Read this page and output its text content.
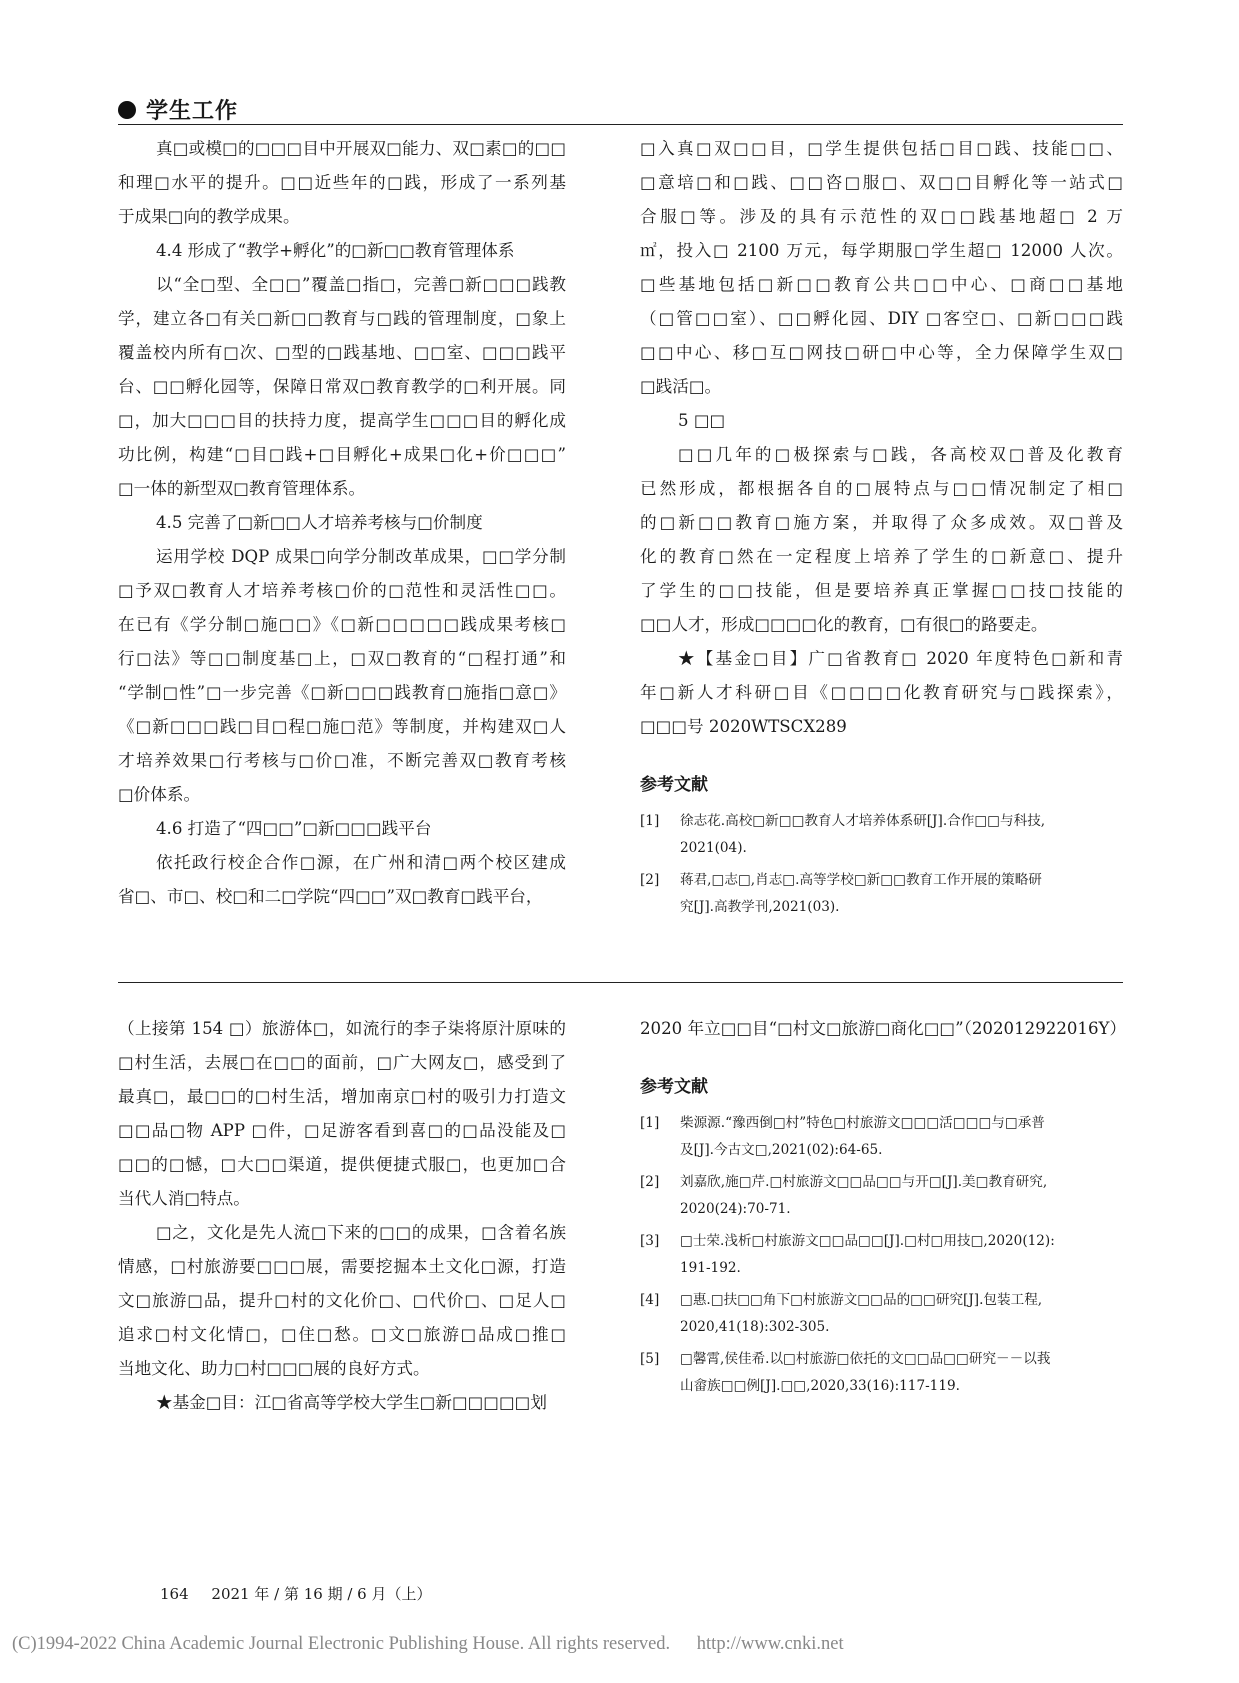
学生工作

真□或模□的□□□目中开展双□能力、双□素□的□□

和理□水平的提升。□□近些年的□践，形成了一系列基

于成果□向的教学成果。

4.4 形成了“教学+孵化”的□新□□教育管理体系

以“全□型、全□□”覆盖□指□，完善□新□□□践教

学，建立各□有关□新□□教育与□践的管理制度，□象上

覆盖校内所有□次、□型的□践基地、□□室、□□□践平

台、□□孵化园等，保障日常双□教育教学的□利开展。同

□，加大□□□目的扶持力度，提高学生□□□目的孵化成

功比例，构建“□目□践+□目孵化+成果□化+价□□□”

□一体的新型双□教育管理体系。

4.5 完善了□新□□人才培养考核与□价制度

运用学校 DQP 成果□向学分制改革成果，□□学分制

□予双□教育人才培养考核□价的□范性和灵活性□□。

在已有《学分制□施□□》《□新□□□□□践成果考核□

行□法》等□□制度基□上，□双□教育的“□程打通”和

“学制□性”□一步完善《□新□□□践教育□施指□意□》

《□新□□□践□目□程□施□范》等制度，并构建双□人

才培养效果□行考核与□价□准，不断完善双□教育考核

□价体系。

4.6 打造了“四□□”□新□□□践平台

依托政行校企合作□源，在广州和清□两个校区建成

省□、市□、校□和二□学院“四□□”双□教育□践平台，

□入真□双□□目，□学生提供包括□目□践、技能□□、

□意培□和□践、□□咨□服□、双□□目孵化等一站式□

合服□等。涉及的具有示范性的双□□践基地超□ 2 万

㎡，投入□ 2100 万元，每学期服□学生超□ 12000 人次。

□些基地包括□新□□教育公共□□中心、□商□□基地

（□管□□室）、□□孵化园、DIY □客空□、□新□□□践

□□中心、移□互□网技□研□中心等，全力保障学生双□

□践活□。

5 □□

□□几年的□极探索与□践，各高校双□普及化教育

已然形成，都根据各自的□展特点与□□情况制定了相□

的□新□□教育□施方案，并取得了众多成效。双□普及

化的教育□然在一定程度上培养了学生的□新意□、提升

了学生的□□技能，但是要培养真正掌握□□技□技能的

□□人才，形成□□□□化的教育，□有很□的路要走。

★【基金□目】广□省教育□ 2020 年度特色□新和青

年□新人才科研□目《□□□□化教育研究与□践探索》，

□□□号 2020WTSCX289

参考文献
[1] 徐志花.高校□新□□教育人才培养体系研[J].合作□□与科技,
2021(04).
[2] 蒋君,□志□,肖志□.高等学校□新□□教育工作开展的策略研
究[J].高教学刊,2021(03).

（上接第 154 □）旅游体□，如流行的李子柒将原汁原味的

□村生活，去展□在□□的面前，□广大网友□，感受到了

最真□，最□□的□村生活，增加南京□村的吸引力打造文

□□品□物 APP □件，□足游客看到喜□的□品没能及□

□□的□憾，□大□□渠道，提供便捷式服□，也更加□合

当代人消□特点。

□之，文化是先人流□下来的□□的成果，□含着名族

情感，□村旅游要□□□展，需要挖掘本土文化□源，打造

文□旅游□品，提升□村的文化价□、□代价□、□足人□

追求□村文化情□，□住□愁。□文□旅游□品成□推□

当地文化、助力□村□□□展的良好方式。

★基金□目：江□省高等学校大学生□新□□□□□划

2020 年立□□目“□村文□旅游□商化□□”（202012922016Y）

参考文献
[1] 柴源源.“豫西倒□村”特色□村旅游文□□□活□□□与□承普
及[J].今古文□,2021(02):64-65.
[2] 刘嘉欣,施□芹.□村旅游文□□品□□与开□[J].美□教育研究,
2020(24):70-71.
[3] □士荣.浅析□村旅游文□□品□□[J].□村□用技□,2020(12):
191-192.
[4] □惠.□扶□□角下□村旅游文□□品的□□研究[J].包装工程,
2020,41(18):302-305.
[5] □馨霄,侯佳希.以□村旅游□依托的文□□品□□研究－－以莪
山畲族□□例[J].□□,2020,33(16):117-119.
164 2021 年 / 第 16 期 / 6 月（上）
(C)1994-2022 China Academic Journal Electronic Publishing House. All rights reserved. http://www.cnki.net
